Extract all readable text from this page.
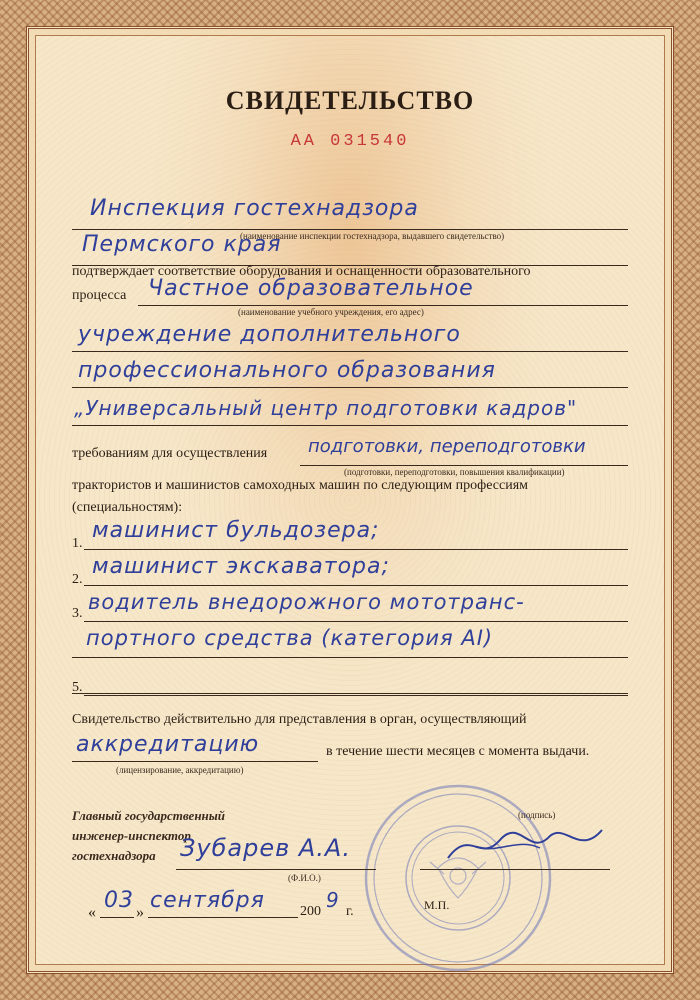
СВИДЕТЕЛЬСТВО
АА 031540
Инспекция гостехнадзора
(наименование инспекции гостехнадзора, выдавшего свидетельство)
Пермского края
подтверждает соответствие оборудования и оснащенности образовательного
процесса Частное образовательное
(наименование учебного учреждения, его адрес)
учреждение дополнительного
профессионального образования
„Универсальный центр подготовки кадров"
требованиям для осуществления подготовки, переподготовки
(подготовки, переподготовки, повышения квалификации)
трактористов и машинистов самоходных машин по следующим профессиям
(специальностям):
1.
машинист бульдозера;
2.
машинист экскаватора;
3. водитель внедорожного мототранс-
портного средства (категория AI)
5.
Свидетельство действительно для представления в орган, осуществляющий
аккредитацию	в течение шести месяцев с момента выдачи.
(лицензирование, аккредитацию)
Главный государственный
инженер-инспектор
гостехнадзора Зубарев А.А.
(Ф.И.О.)
(подпись)
М.П.
« 03 » сентября	200 9 г.
